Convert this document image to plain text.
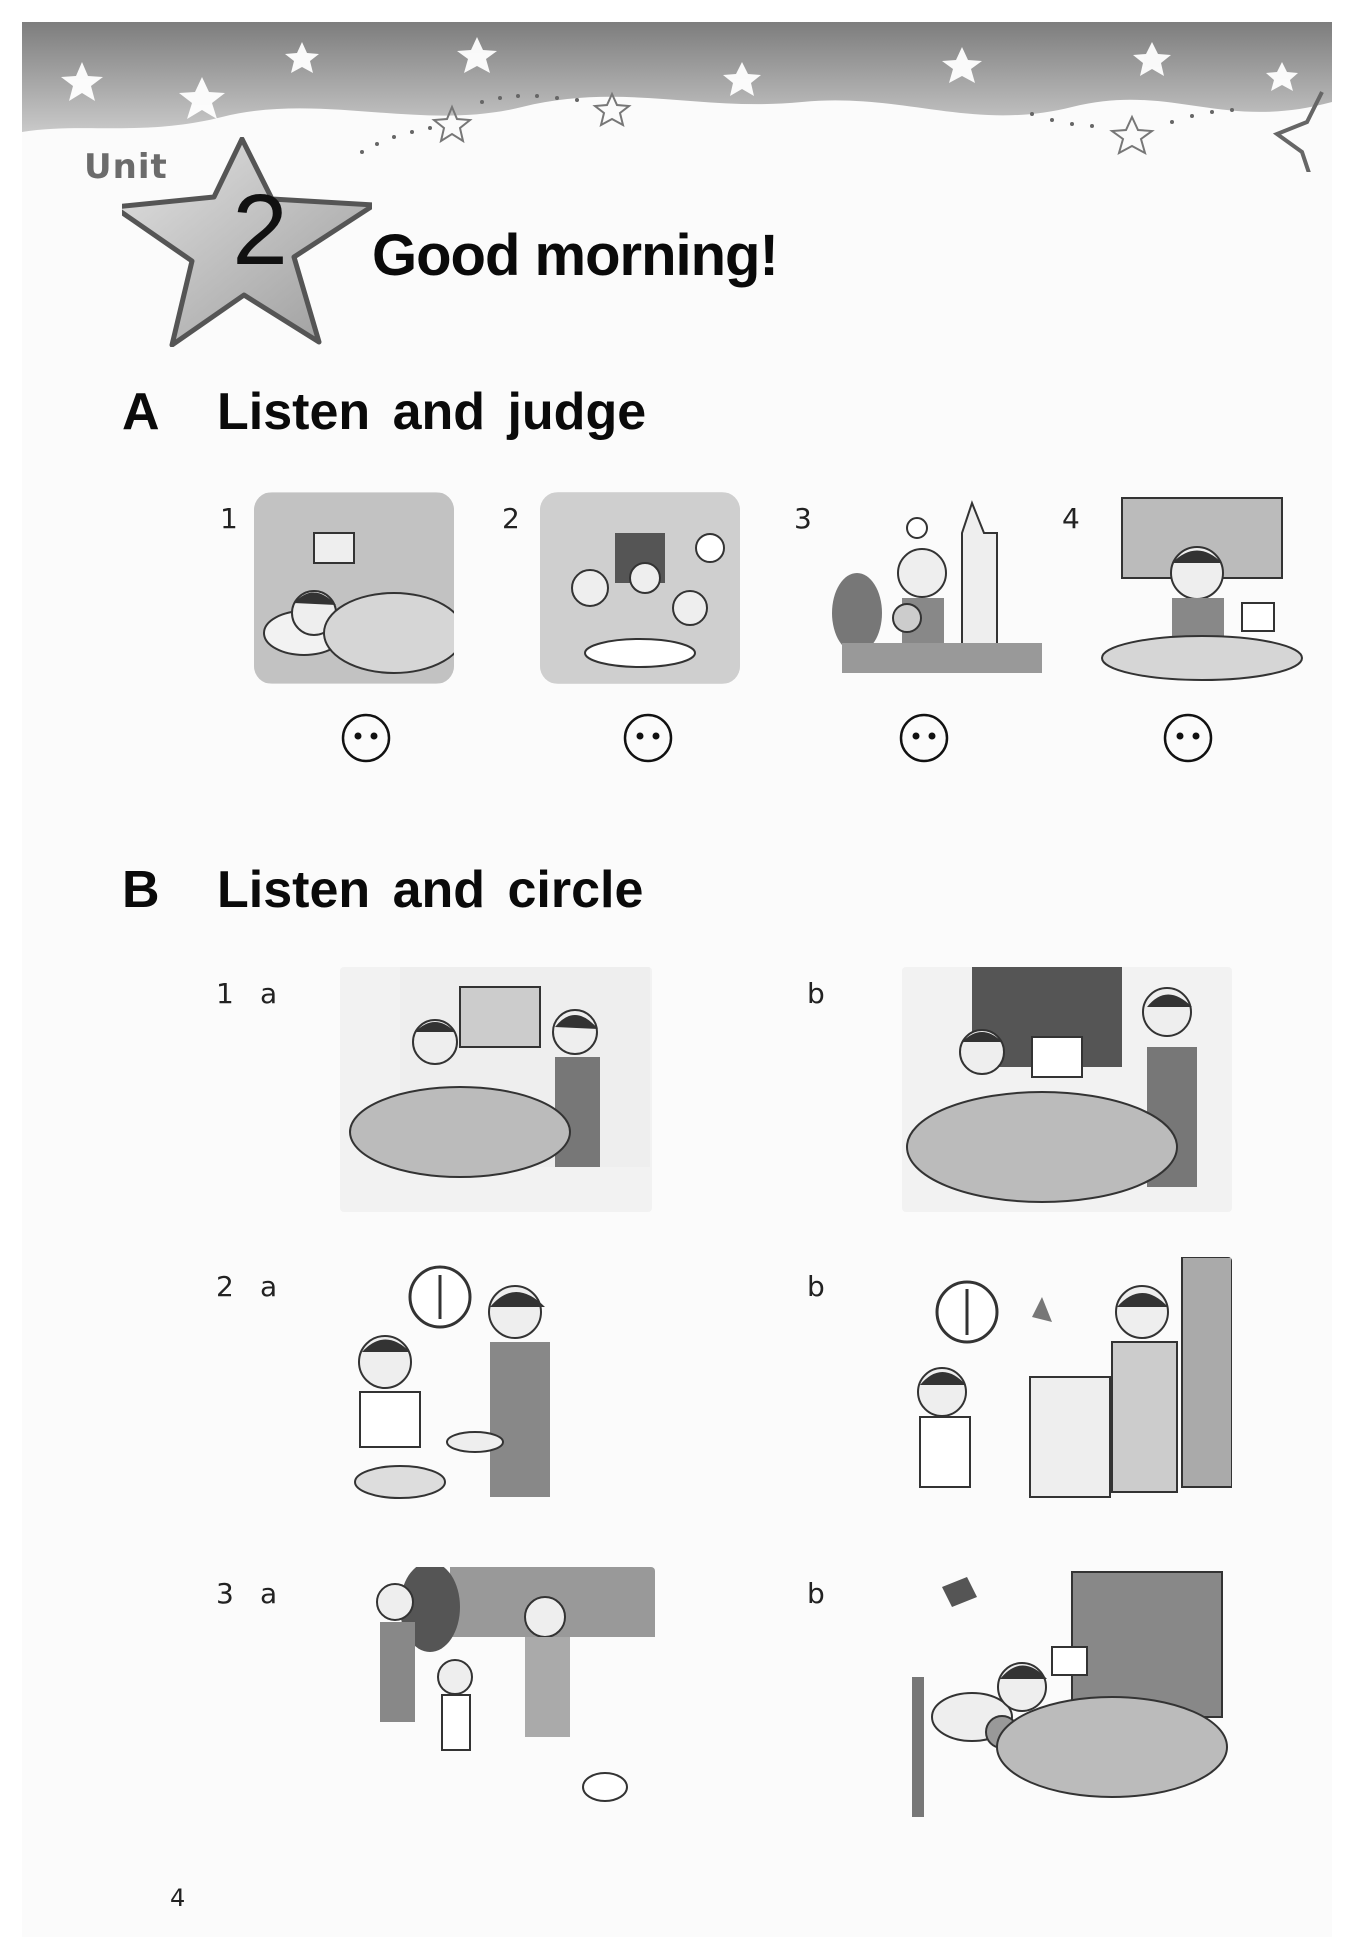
Unit
2 Good morning!
A Listen and judge
1	2	3	4
B Listen and circle
1 a	b
2 a	b
3 a	b
4
